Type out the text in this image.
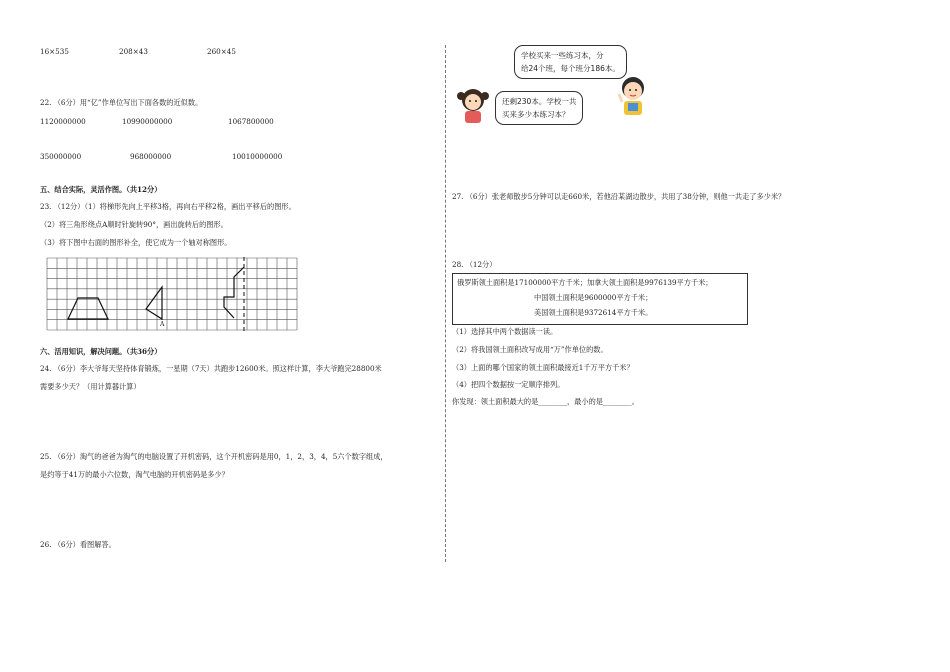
16×535	208×43	260×45
22. （6分）用“亿”作单位写出下面各数的近似数。
1120000000	10990000000	1067800000
350000000	968000000	10010000000
五、结合实际，灵活作图。（共12分）
23. （12分）（1）将梯形先向上平移3格，再向右平移2格，画出平移后的图形。
（2）将三角形绕点A顺时针旋转90°，画出旋转后的图形。
（3）将下图中右面的图形补全，使它成为一个轴对称图形。
A
六、活用知识，解决问题。（共36分）
24. （6分）李大爷每天坚持体育锻炼，一星期（7天）共跑步12600米。照这样计算，李大爷跑完28800米
需要多少天？（用计算器计算）
25. （6分）淘气的爸爸为淘气的电脑设置了开机密码，这个开机密码是用0，1，2，3，4，5六个数字组成，
是约等于41万的最小六位数，淘气电脑的开机密码是多少？
26. （6分）看图解答。
学校买来一些练习本，分
给24个班，每个班分186本。
还剩230本。学校一共
买来多少本练习本？
27. （6分）张老师散步5分钟可以走660米，若他沿某湖边散步，共用了38分钟，则他一共走了多少米？
28. （12分）
俄罗斯领土面积是17100000平方千米；加拿大领土面积是9976139平方千米；
中国领土面积是9600000平方千米；
美国领土面积是9372614平方千米。
（1）选择其中两个数据读一读。
（2）将我国领土面积改写成用“万”作单位的数。
（3）上面的哪个国家的领土面积最接近1千万平方千米？
（4）把四个数据按一定顺序排列。
你发现：领土面积最大的是________，最小的是________。
